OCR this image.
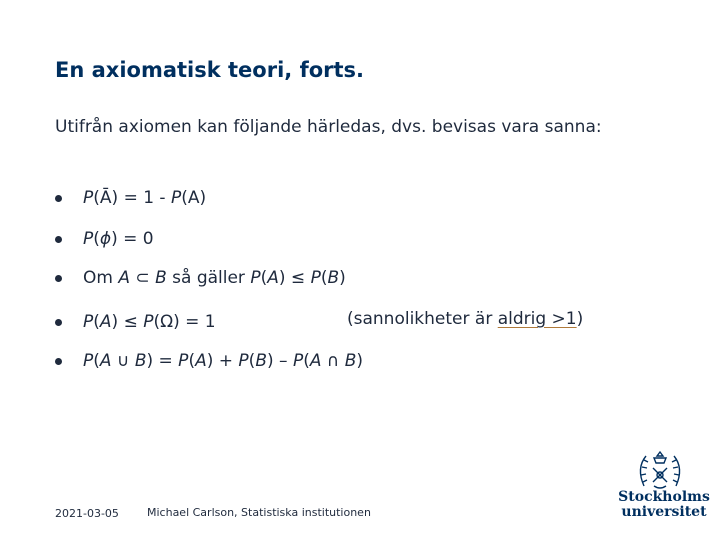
En axiomatisk teori, forts.
Utifrån axiomen kan följande härledas, dvs. bevisas vara sanna:
P(Ā) = 1 - P(A)
P(ϕ) = 0
Om A ⊂ B så gäller P(A) ≤ P(B)
P(A) ≤ P(Ω) = 1
P(A ∪ B) = P(A) + P(B) – P(A ∩ B)
(sannolikheter är aldrig >1)
2021-03-05	Michael Carlson, Statistiska institutionen
Stockholms
universitet
